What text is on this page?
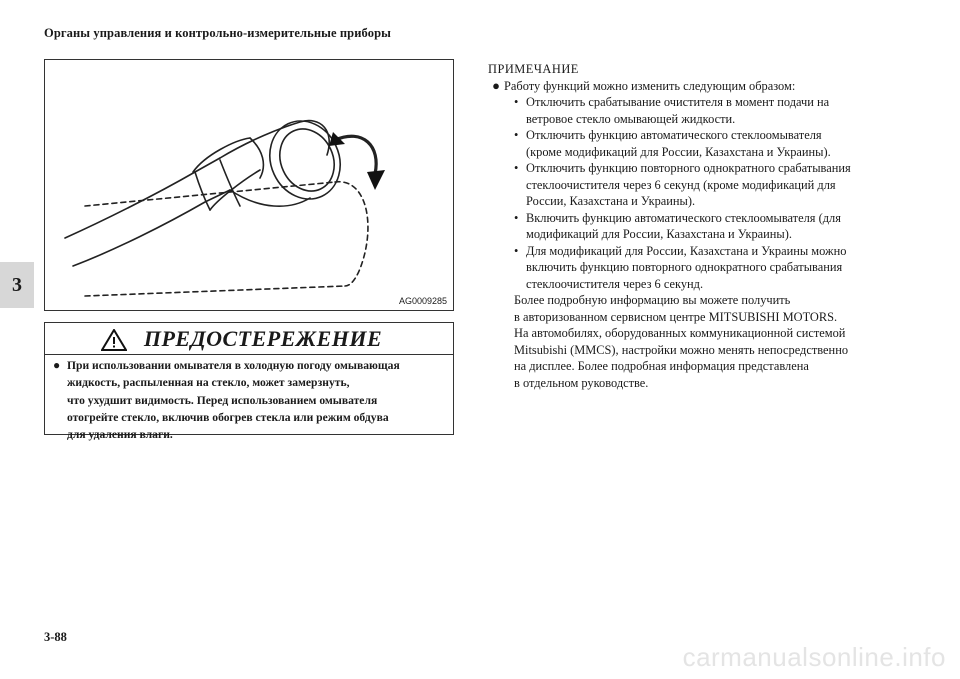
Органы управления и контрольно-измерительные приборы
3
AG0009285
ПРЕДОСТЕРЕЖЕНИЕ
● При использовании омывателя в холодную погоду омывающая
жидкость, распыленная на стекло, может замерзнуть,
что ухудшит видимость. Перед использованием омывателя
отогрейте стекло, включив обогрев стекла или режим обдува
для удаления влаги.
ПРИМЕЧАНИЕ
● Работу функций можно изменить следующим образом:
• Отключить срабатывание очистителя в момент подачи на
ветровое стекло омывающей жидкости.
• Отключить функцию автоматического стеклоомывателя
(кроме модификаций для России, Казахстана и Украины).
• Отключить функцию повторного однократного срабатывания
стеклоочистителя через 6 секунд (кроме модификаций для
России, Казахстана и Украины).
• Включить функцию автоматического стеклоомывателя (для
модификаций для России, Казахстана и Украины).
• Для модификаций для России, Казахстана и Украины можно
включить функцию повторного однократного срабатывания
стеклоочистителя через 6 секунд.
Более подробную информацию вы можете получить
в авторизованном сервисном центре MITSUBISHI MOTORS.
На автомобилях, оборудованных коммуникационной системой
Mitsubishi (MMCS), настройки можно менять непосредственно
на дисплее. Более подробная информация представлена
в отдельном руководстве.
3-88
carmanualsonline.info
